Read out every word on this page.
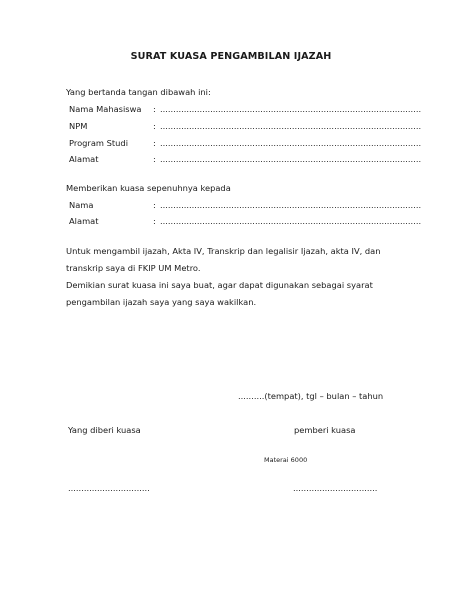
SURAT KUASA PENGAMBILAN IJAZAH
Yang bertanda tangan dibawah ini:
Nama Mahasiswa : ...................................................................................................
NPM	: ...................................................................................................
Program Studi	: ...................................................................................................
Alamat	: ...................................................................................................
Memberikan kuasa sepenuhnya kepada
Nama	: ...................................................................................................
Alamat	: ...................................................................................................
Untuk mengambil ijazah, Akta IV, Transkrip dan legalisir Ijazah, akta IV, dan transkrip saya di FKIP UM Metro.
Demikian surat kuasa ini saya buat, agar dapat digunakan sebagai syarat pengambilan ijazah saya yang saya wakilkan.
..........(tempat), tgl – bulan – tahun
Yang diberi kuasa	pemberi kuasa
Materai 6000
...............................	................................
